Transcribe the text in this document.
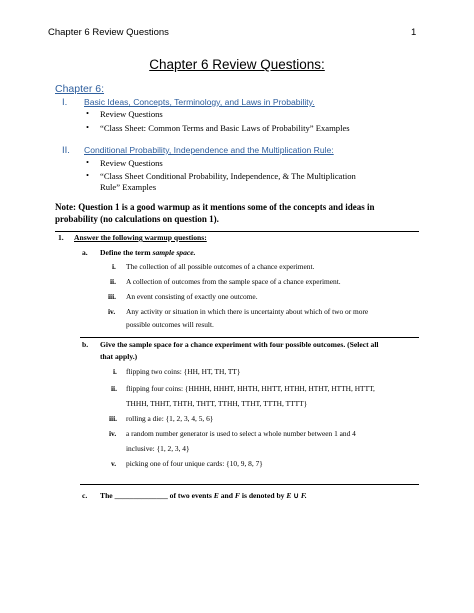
Chapter 6 Review Questions	1
Chapter 6 Review Questions:
Chapter 6:
I. Basic Ideas, Concepts, Terminology, and Laws in Probability.
• Review Questions
• “Class Sheet: Common Terms and Basic Laws of Probability” Examples
II. Conditional Probability, Independence and the Multiplication Rule:
• Review Questions
• “Class Sheet Conditional Probability, Independence, & The Multiplication
Rule” Examples
Note: Question 1 is a good warmup as it mentions some of the concepts and ideas in
probability (no calculations on question 1).
1. Answer the following warmup questions:
a. Define the term sample space.
i. The collection of all possible outcomes of a chance experiment.
ii. A collection of outcomes from the sample space of a chance experiment.
iii. An event consisting of exactly one outcome.
iv. Any activity or situation in which there is uncertainty about which of two or more
possible outcomes will result.
b. Give the sample space for a chance experiment with four possible outcomes. (Select all
that apply.)
i. flipping two coins: {HH, HT, TH, TT}
ii. flipping four coins: {HHHH, HHHT, HHTH, HHTT, HTHH, HTHT, HTTH, HTTT,
THHH, THHT, THTH, THTT, TTHH, TTHT, TTTH, TTTT}
iii. rolling a die: {1, 2, 3, 4, 5, 6}
iv. a random number generator is used to select a whole number between 1 and 4
inclusive: {1, 2, 3, 4}
v. picking one of four unique cards: {10, 9, 8, 7}
c. The ______________ of two events E and F is denoted by E ∪ F.
